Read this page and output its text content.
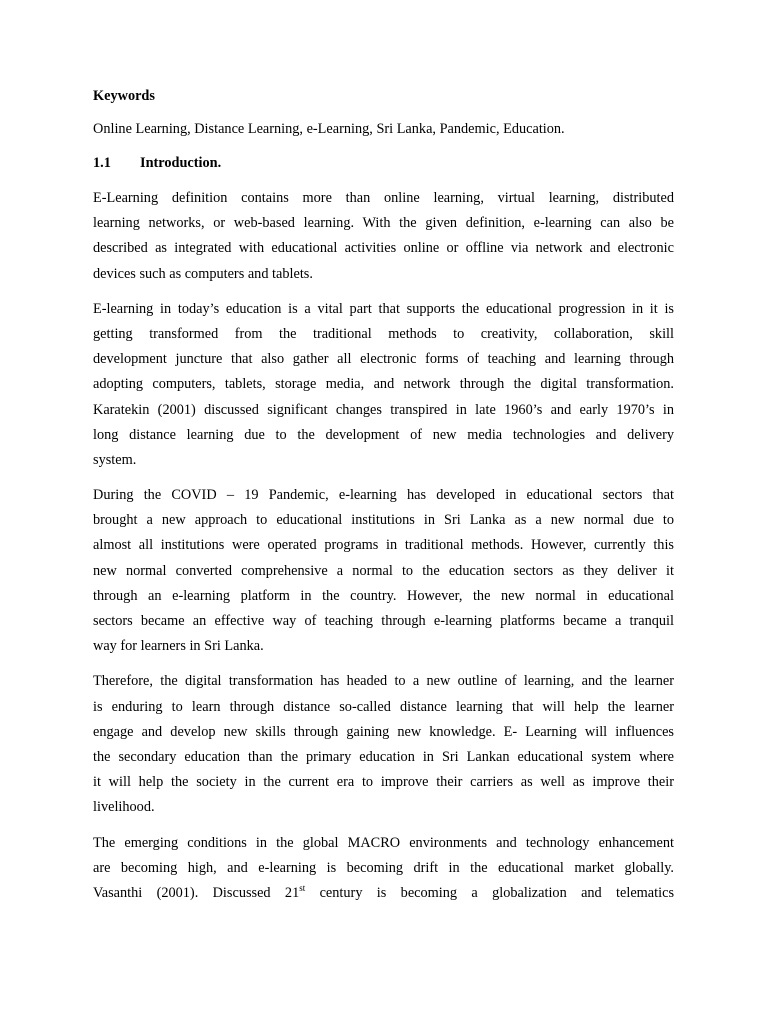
Keywords
Online Learning, Distance Learning, e-Learning, Sri Lanka, Pandemic, Education.
1.1	Introduction.
E-Learning definition contains more than online learning, virtual learning, distributed
learning networks, or web-based learning. With the given definition, e-learning can also be
described as integrated with educational activities online or offline via network and electronic
devices such as computers and tablets.
E-learning in today’s education is a vital part that supports the educational progression in it is
getting transformed from the traditional methods to creativity, collaboration, skill
development juncture that also gather all electronic forms of teaching and learning through
adopting computers, tablets, storage media, and network through the digital transformation.
Karatekin (2001) discussed significant changes transpired in late 1960’s and early 1970’s in
long distance learning due to the development of new media technologies and delivery
system.
During the COVID – 19 Pandemic, e-learning has developed in educational sectors that
brought a new approach to educational institutions in Sri Lanka as a new normal due to
almost all institutions were operated programs in traditional methods. However, currently this
new normal converted comprehensive a normal to the education sectors as they deliver it
through an e-learning platform in the country. However, the new normal in educational
sectors became an effective way of teaching through e-learning platforms became a tranquil
way for learners in Sri Lanka.
Therefore, the digital transformation has headed to a new outline of learning, and the learner
is enduring to learn through distance so-called distance learning that will help the learner
engage and develop new skills through gaining new knowledge. E- Learning will influences
the secondary education than the primary education in Sri Lankan educational system where
it will help the society in the current era to improve their carriers as well as improve their
livelihood.
The emerging conditions in the global MACRO environments and technology enhancement
are becoming high, and e-learning is becoming drift in the educational market globally.
Vasanthi (2001). Discussed 21st century is becoming a globalization and telematics
